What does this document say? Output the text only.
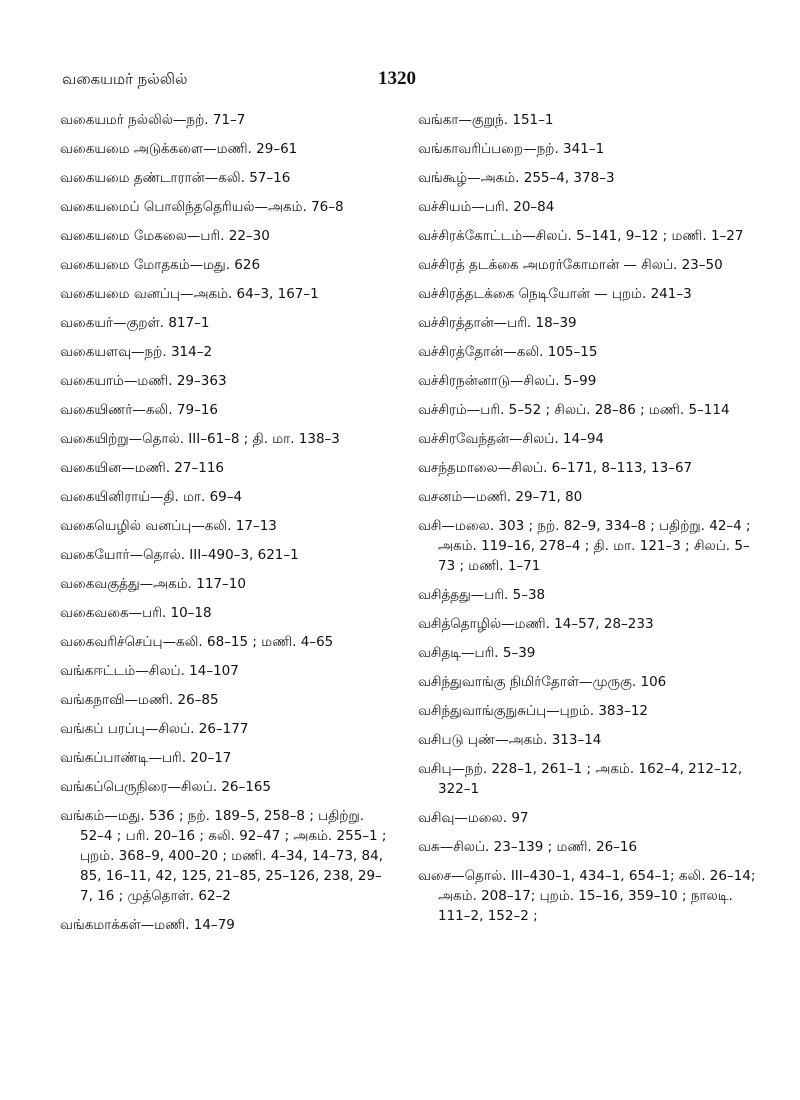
வகையமர் நல்லில்	1320
வகையமர் நல்லில்—நற். 71–7
வகையமை அடுக்களை—மணி. 29–61
வகையமை தண்டாரான்—கலி. 57–16
வகையமைப் பொலிந்ததெரியல்—அகம். 76–8
வகையமை மேகலை—பரி. 22–30
வகையமை மோதகம்—மது. 626
வகையமை வனப்பு—அகம். 64–3, 167–1
வகையர்—குறள். 817–1
வகையளவு—நற். 314–2
வகையாம்—மணி. 29–363
வகையிணர்—கலி. 79–16
வகையிற்று—தொல். III–61–8 ; தி. மா. 138–3
வகையின—மணி. 27–116
வகையினிராய்—தி. மா. 69–4
வகையெழில் வனப்பு—கலி. 17–13
வகையோர்—தொல். III–490–3, 621–1
வகைவகுத்து—அகம். 117–10
வகைவகை—பரி. 10–18
வகைவரிச்செப்பு—கலி. 68–15 ; மணி. 4–65
வங்கஈட்டம்—சிலப். 14–107
வங்கநாவி—மணி. 26–85
வங்கப் பரப்பு—சிலப். 26–177
வங்கப்பாண்டி—பரி. 20–17
வங்கப்பெருநிரை—சிலப். 26–165
வங்கம்—மது. 536 ; நற். 189–5, 258–8 ; பதிற்று. 52–4 ; பரி. 20–16 ; கலி. 92–47 ; அகம். 255–1 ; புறம். 368–9, 400–20 ; மணி. 4–34, 14–73, 84, 85, 16–11, 42, 125, 21–85, 25–126, 238, 29–7, 16 ; முத்தொள். 62–2
வங்கமாக்கள்—மணி. 14–79
வங்கா—குறுந். 151–1
வங்காவரிப்பறை—நற். 341–1
வங்கூழ்—அகம். 255–4, 378–3
வச்சியம்—பரி. 20–84
வச்சிரக்கோட்டம்—சிலப். 5–141, 9–12 ; மணி. 1–27
வச்சிரத் தடக்கை அமரர்கோமான் — சிலப். 23–50
வச்சிரத்தடக்கை நெடியோன் — புறம். 241–3
வச்சிரத்தான்—பரி. 18–39
வச்சிரத்தோன்—கலி. 105–15
வச்சிரநன்னாடு—சிலப். 5–99
வச்சிரம்—பரி. 5–52 ; சிலப். 28–86 ; மணி. 5–114
வச்சிரவேந்தன்—சிலப். 14–94
வசந்தமாலை—சிலப். 6–171, 8–113, 13–67
வசனம்—மணி. 29–71, 80
வசி—மலை. 303 ; நற். 82–9, 334–8 ; பதிற்று. 42–4 ; அகம். 119–16, 278–4 ; தி. மா. 121–3 ; சிலப். 5–73 ; மணி. 1–71
வசித்தது—பரி. 5–38
வசித்தொழில்—மணி. 14–57, 28–233
வசிதடி—பரி. 5–39
வசிந்துவாங்கு நிமிர்தோள்—முருகு. 106
வசிந்துவாங்குநுசுப்பு—புறம். 383–12
வசிபடு புண்—அகம். 313–14
வசிபு—நற். 228–1, 261–1 ; அகம். 162–4, 212–12, 322–1
வசிவு—மலை. 97
வசு—சிலப். 23–139 ; மணி. 26–16
வசை—தொல். III–430–1, 434–1, 654–1; கலி. 26–14; அகம். 208–17; புறம். 15–16, 359–10 ; நாலடி. 111–2, 152–2 ;
